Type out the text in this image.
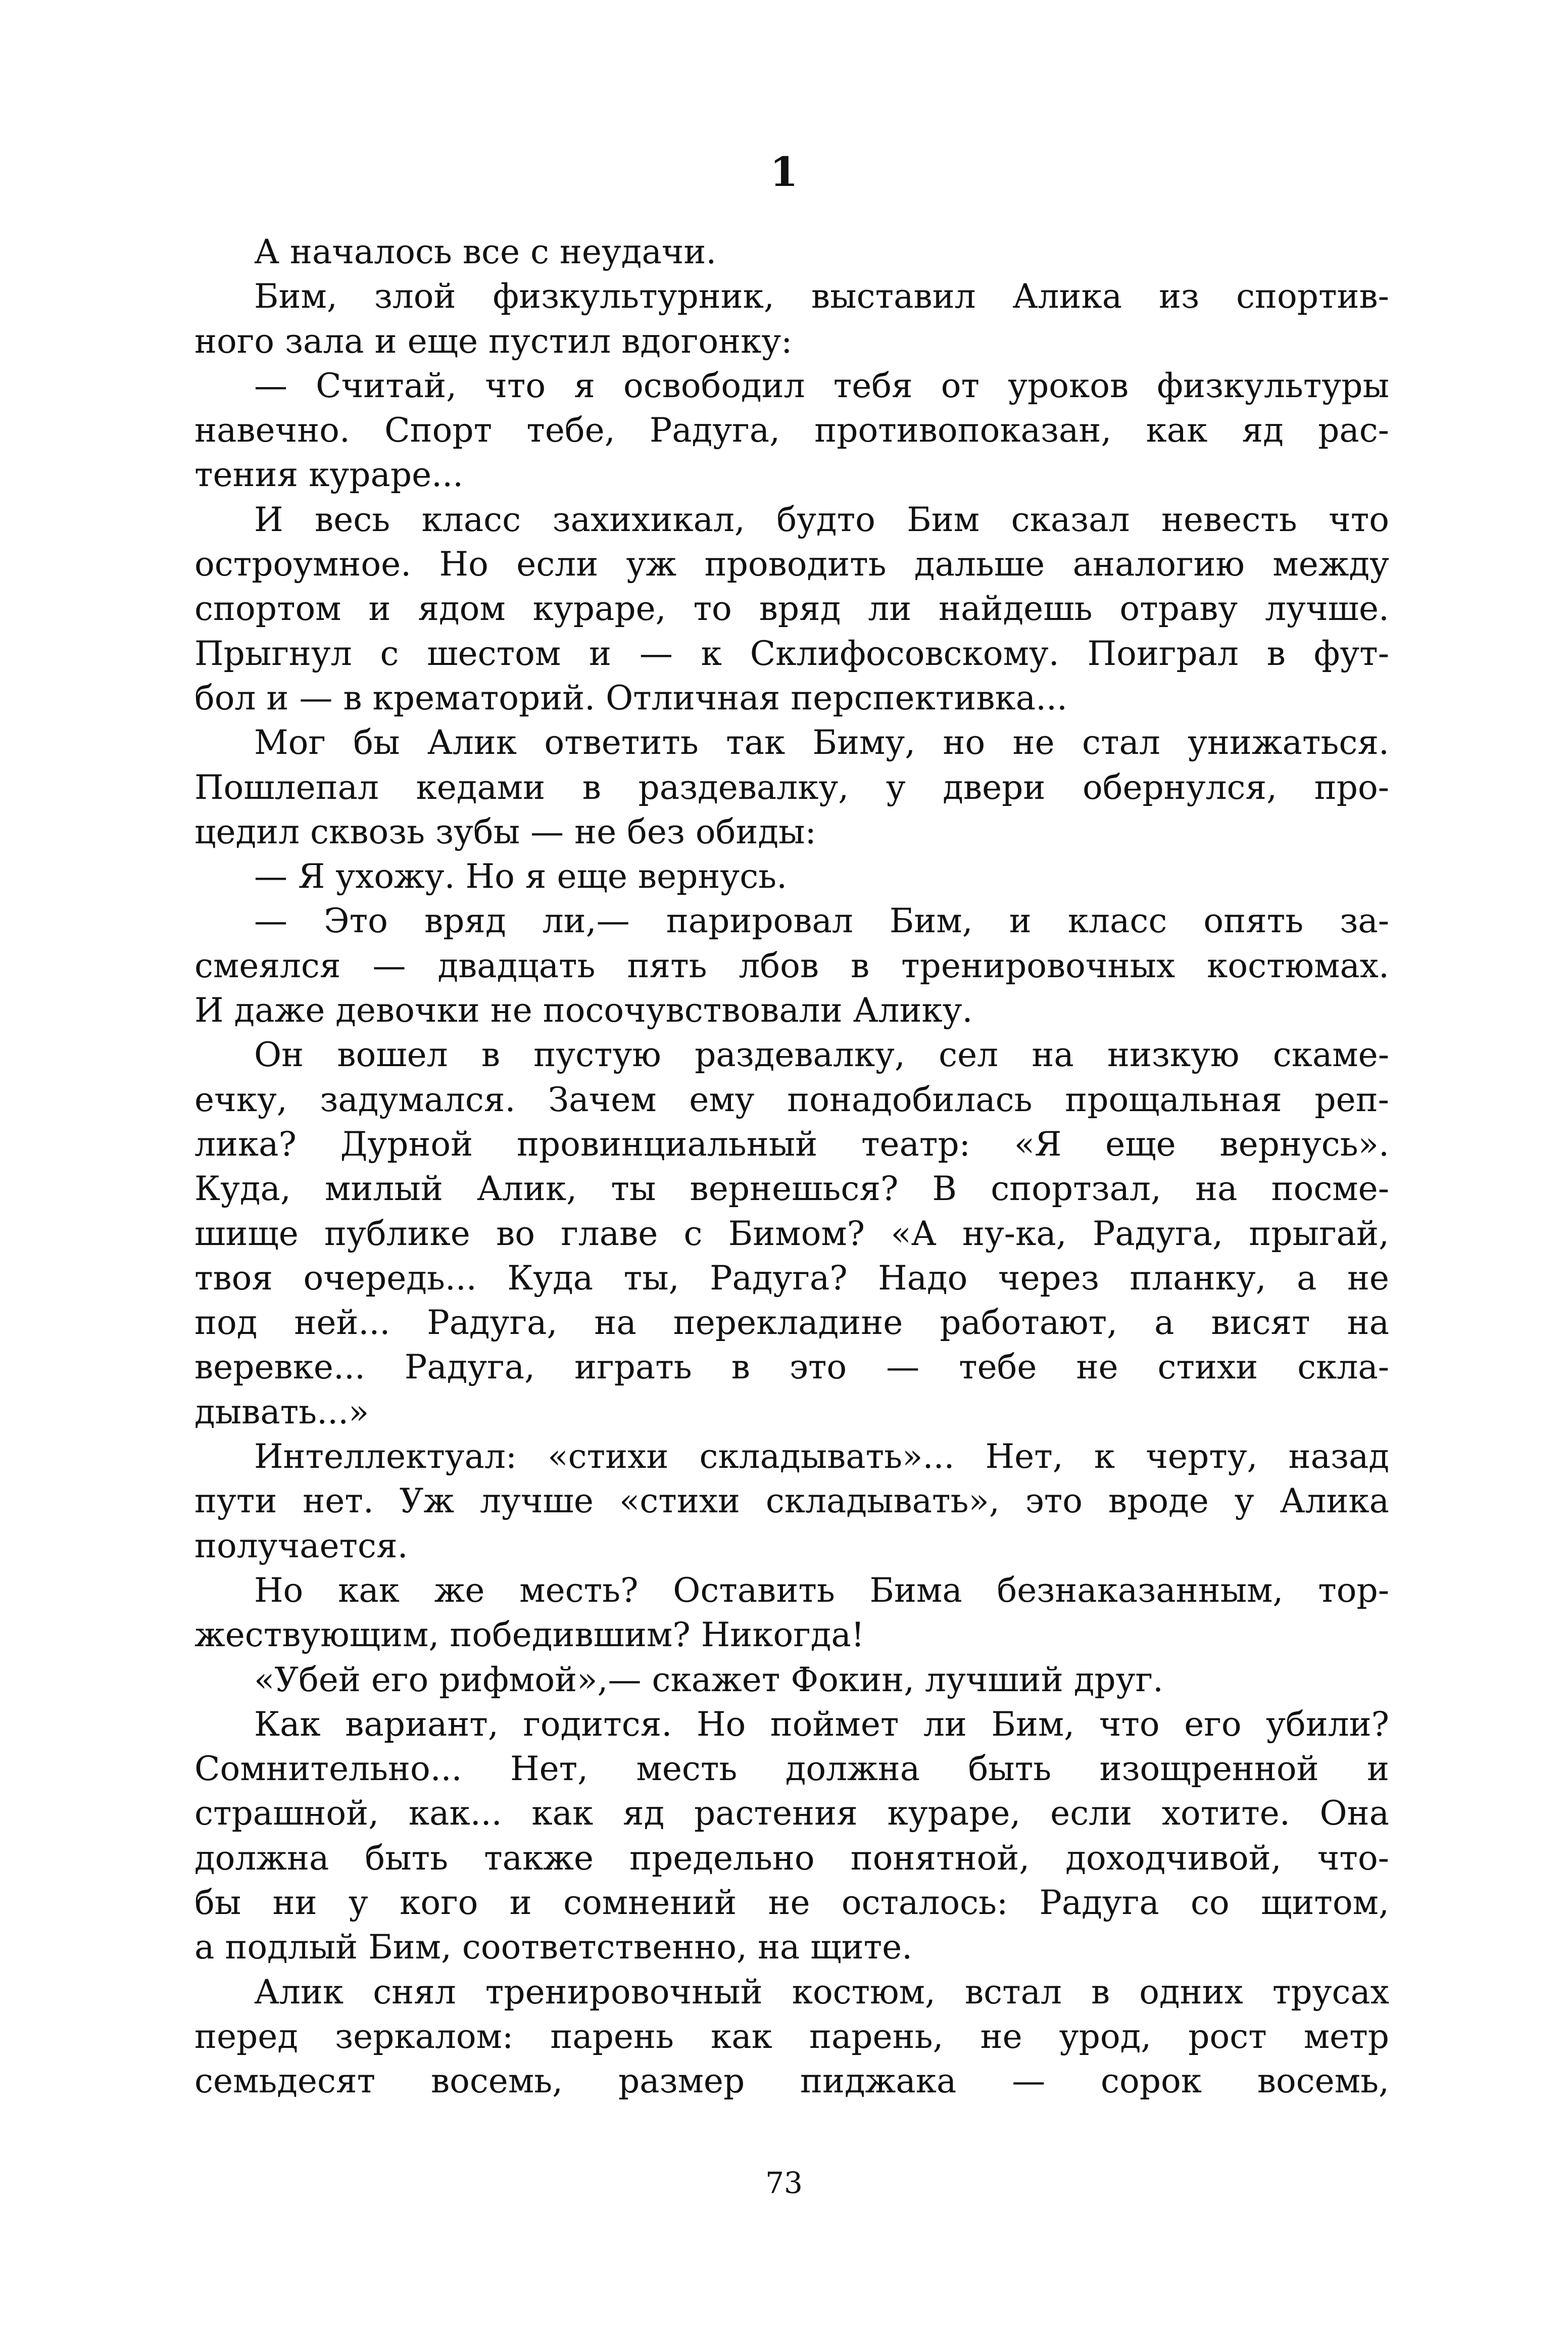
1
А началось все с неудачи.
Бим, злой физкультурник, выставил Алика из спортив-
ного зала и еще пустил вдогонку:
— Считай, что я освободил тебя от уроков физкультуры
навечно. Спорт тебе, Радуга, противопоказан, как яд рас-
тения кураре...
И весь класс захихикал, будто Бим сказал невесть что
остроумное. Но если уж проводить дальше аналогию между
спортом и ядом кураре, то вряд ли найдешь отраву лучше.
Прыгнул с шестом и — к Склифосовскому. Поиграл в фут-
бол и — в крематорий. Отличная перспективка...
Мог бы Алик ответить так Биму, но не стал унижаться.
Пошлепал кедами в раздевалку, у двери обернулся, про-
цедил сквозь зубы — не без обиды:
— Я ухожу. Но я еще вернусь.
— Это вряд ли,— парировал Бим, и класс опять за-
смеялся — двадцать пять лбов в тренировочных костюмах.
И даже девочки не посочувствовали Алику.
Он вошел в пустую раздевалку, сел на низкую скаме-
ечку, задумался. Зачем ему понадобилась прощальная реп-
лика? Дурной провинциальный театр: «Я еще вернусь».
Куда, милый Алик, ты вернешься? В спортзал, на посме-
шище публике во главе с Бимом? «А ну-ка, Радуга, прыгай,
твоя очередь... Куда ты, Радуга? Надо через планку, а не
под ней... Радуга, на перекладине работают, а висят на
веревке... Радуга, играть в это — тебе не стихи скла-
дывать...»
Интеллектуал: «стихи складывать»... Нет, к черту, назад
пути нет. Уж лучше «стихи складывать», это вроде у Алика
получается.
Но как же месть? Оставить Бима безнаказанным, тор-
жествующим, победившим? Никогда!
«Убей его рифмой»,— скажет Фокин, лучший друг.
Как вариант, годится. Но поймет ли Бим, что его убили?
Сомнительно... Нет, месть должна быть изощренной и
страшной, как... как яд растения кураре, если хотите. Она
должна быть также предельно понятной, доходчивой, что-
бы ни у кого и сомнений не осталось: Радуга со щитом,
а подлый Бим, соответственно, на щите.
Алик снял тренировочный костюм, встал в одних трусах
перед зеркалом: парень как парень, не урод, рост метр
семьдесят восемь, размер пиджака — сорок восемь,
73
